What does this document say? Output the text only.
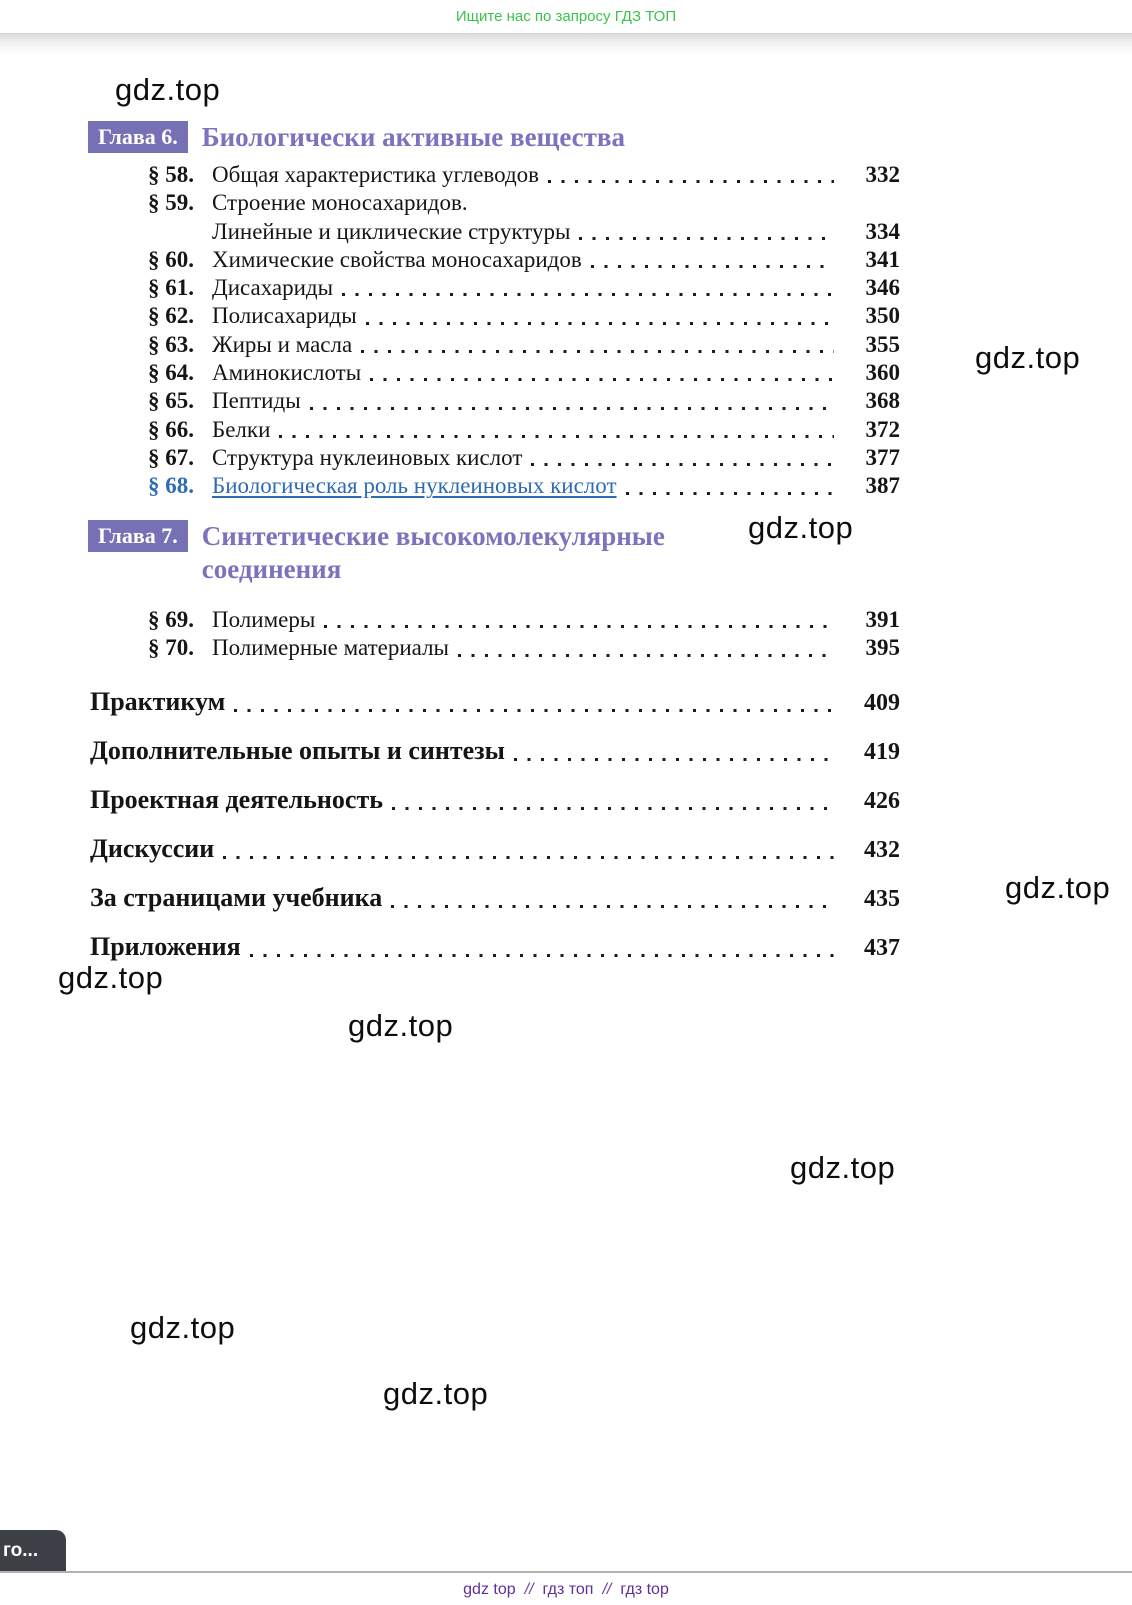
Ищите нас по запросу ГДЗ ТОП
gdz.top
gdz.top
gdz.top
gdz.top
gdz.top
gdz.top
gdz.top
gdz.top
gdz.top
Глава 6. Биологически активные вещества
§ 58. Общая характеристика углеводов	332
§ 59. Строение моносахаридов.
Линейные и циклические структуры	334
§ 60. Химические свойства моносахаридов	341
§ 61. Дисахариды	346
§ 62. Полисахариды	350
§ 63. Жиры и масла	355
§ 64. Аминокислоты	360
§ 65. Пептиды	368
§ 66. Белки	372
§ 67. Структура нуклеиновых кислот	377
§ 68. Биологическая роль нуклеиновых кислот	387
Глава 7. Синтетические высокомолекулярные соединения
§ 69. Полимеры	391
§ 70. Полимерные материалы	395
Практикум	409
Дополнительные опыты и синтезы	419
Проектная деятельность	426
Дискуссии	432
За страницами учебника	435
Приложения	437
го...
gdz top // гдз топ // гдз top
